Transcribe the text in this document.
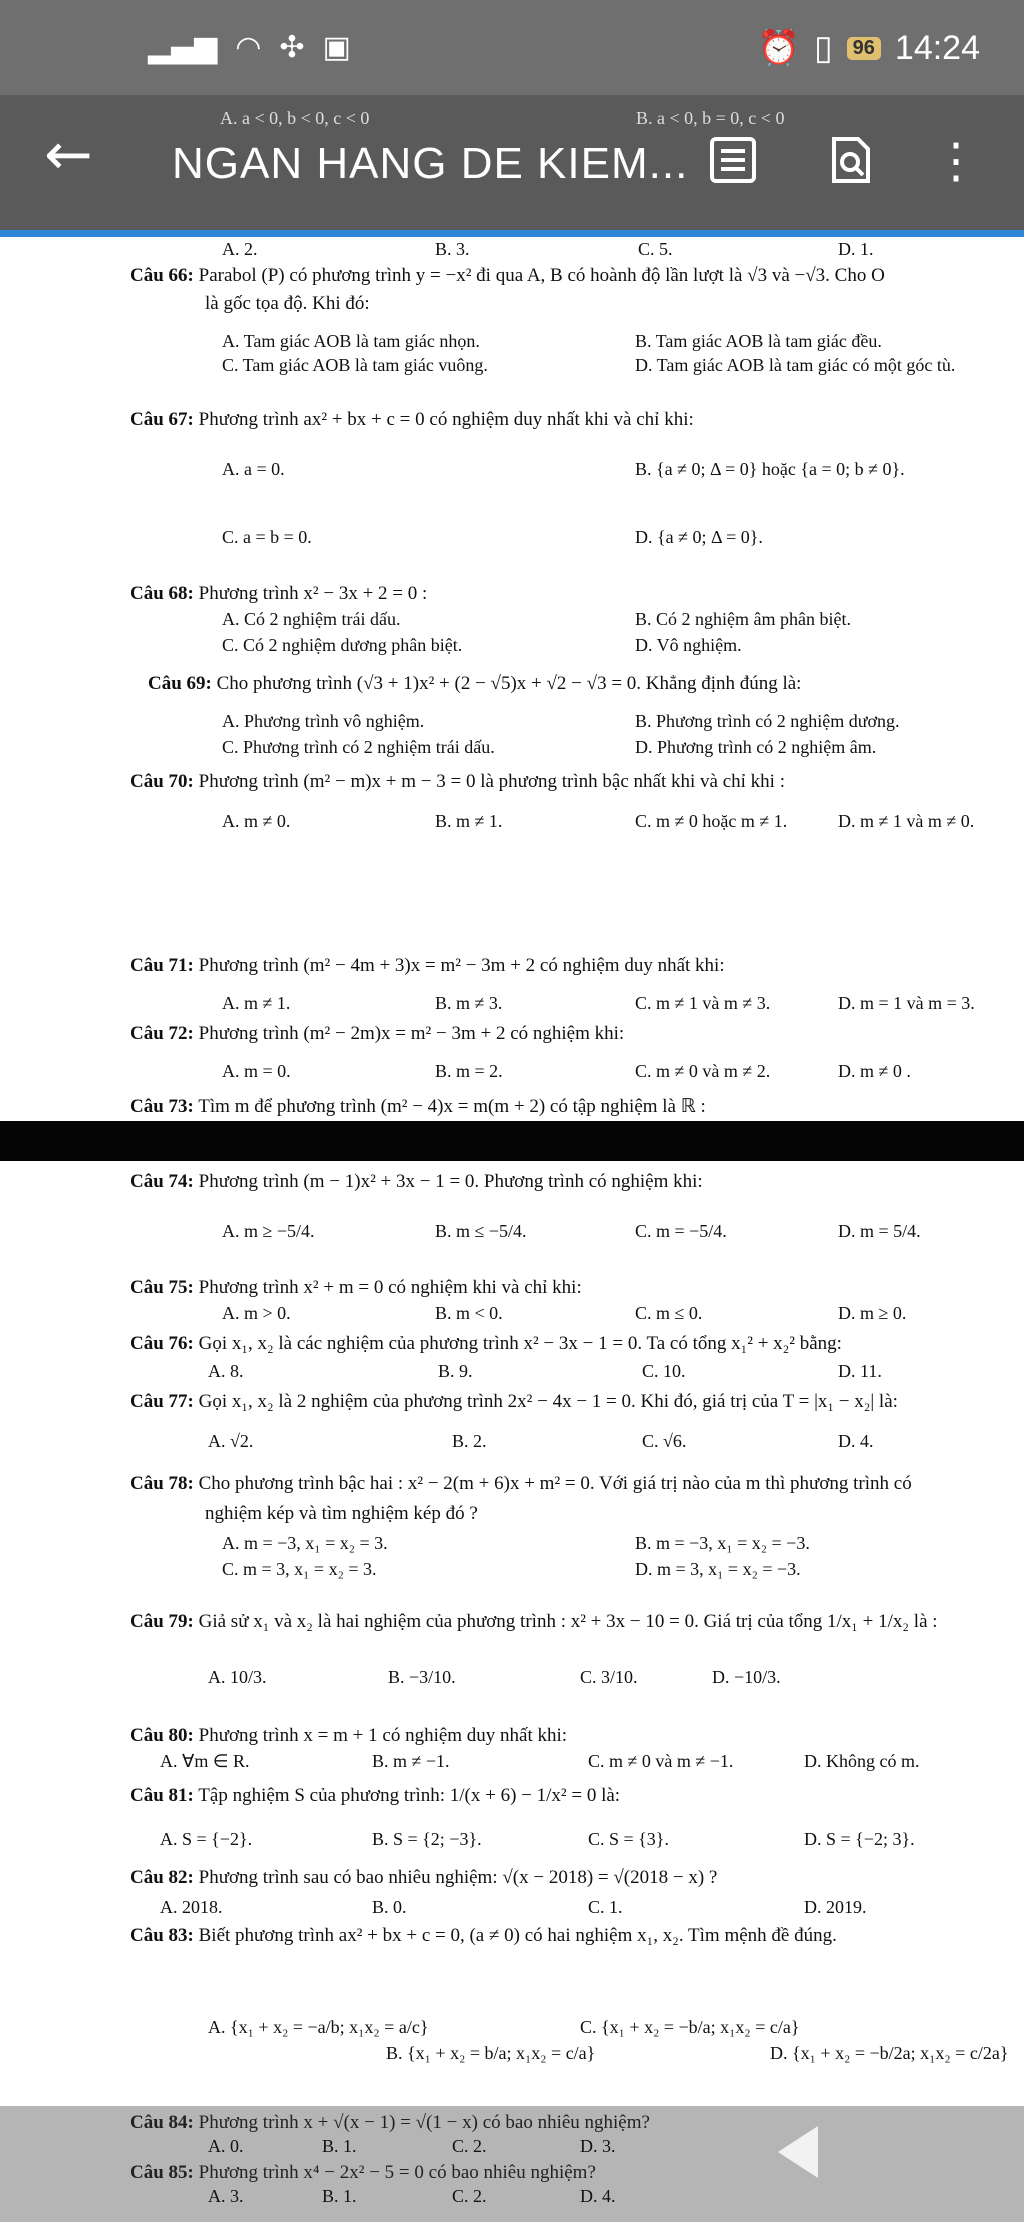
▂▄▆ ◠ ✣ ▣	⏰ ▯	96 14:24
← NGAN HANG DE KIEM...	⋮
A. 2.	B. 3.	C. 5.	D. 1.
Câu 66: Parabol (P) có phương trình y = −x² đi qua A, B có hoành độ lần lượt là √3 và −√3. Cho O
là gốc tọa độ. Khi đó:
A. Tam giác AOB là tam giác nhọn.	B. Tam giác AOB là tam giác đều.
C. Tam giác AOB là tam giác vuông.	D. Tam giác AOB là tam giác có một góc tù.
Câu 67: Phương trình ax² + bx + c = 0 có nghiệm duy nhất khi và chỉ khi:
A. a = 0.	B. {a ≠ 0; Δ = 0} hoặc {a = 0; b ≠ 0}.
C. a = b = 0.	D. {a ≠ 0; Δ = 0}.
Câu 68: Phương trình x² − 3x + 2 = 0 :
A. Có 2 nghiệm trái dấu.	B. Có 2 nghiệm âm phân biệt.
C. Có 2 nghiệm dương phân biệt.	D. Vô nghiệm.
Câu 69: Cho phương trình (√3 + 1)x² + (2 − √5)x + √2 − √3 = 0. Khẳng định đúng là:
A. Phương trình vô nghiệm.	B. Phương trình có 2 nghiệm dương.
C. Phương trình có 2 nghiệm trái dấu.	D. Phương trình có 2 nghiệm âm.
Câu 70: Phương trình (m² − m)x + m − 3 = 0 là phương trình bậc nhất khi và chỉ khi :
A. m ≠ 0.	B. m ≠ 1.	C. m ≠ 0 hoặc m ≠ 1.	D. m ≠ 1 và m ≠ 0.
Câu 71: Phương trình (m² − 4m + 3)x = m² − 3m + 2 có nghiệm duy nhất khi:
A. m ≠ 1.	B. m ≠ 3.	C. m ≠ 1 và m ≠ 3.	D. m = 1 và m = 3.
Câu 72: Phương trình (m² − 2m)x = m² − 3m + 2 có nghiệm khi:
A. m = 0.	B. m = 2.	C. m ≠ 0 và m ≠ 2.	D. m ≠ 0 .
Câu 73: Tìm m để phương trình (m² − 4)x = m(m + 2) có tập nghiệm là ℝ :
Câu 74: Phương trình (m − 1)x² + 3x − 1 = 0. Phương trình có nghiệm khi:
A. m ≥ −5/4.	B. m ≤ −5/4.	C. m = −5/4.	D. m = 5/4.
Câu 75: Phương trình x² + m = 0 có nghiệm khi và chỉ khi:
A. m > 0.	B. m < 0.	C. m ≤ 0.	D. m ≥ 0.
Câu 76: Gọi x₁, x₂ là các nghiệm của phương trình x² − 3x − 1 = 0. Ta có tổng x₁² + x₂² bằng:
A. 8.	B. 9.	C. 10.	D. 11.
Câu 77: Gọi x₁, x₂ là 2 nghiệm của phương trình 2x² − 4x − 1 = 0. Khi đó, giá trị của T = |x₁ − x₂| là:
A. √2.	B. 2.	C. √6.	D. 4.
Câu 78: Cho phương trình bậc hai : x² − 2(m + 6)x + m² = 0. Với giá trị nào của m thì phương trình có
nghiệm kép và tìm nghiệm kép đó ?
A. m = −3, x₁ = x₂ = 3.	B. m = −3, x₁ = x₂ = −3.
C. m = 3, x₁ = x₂ = 3.	D. m = 3, x₁ = x₂ = −3.
Câu 79: Giả sử x₁ và x₂ là hai nghiệm của phương trình : x² + 3x − 10 = 0. Giá trị của tổng 1/x₁ + 1/x₂ là :
A. 10/3.	B. −3/10.	C. 3/10.	D. −10/3.
Câu 80: Phương trình x = m + 1 có nghiệm duy nhất khi:
A. ∀m ∈ R.	B. m ≠ −1.	C. m ≠ 0 và m ≠ −1.	D. Không có m.
Câu 81: Tập nghiệm S của phương trình: 1/(x + 6) − 1/x² = 0 là:
A. S = {−2}.	B. S = {2; −3}.	C. S = {3}.	D. S = {−2; 3}.
Câu 82: Phương trình sau có bao nhiêu nghiệm: √(x − 2018) = √(2018 − x) ?
A. 2018.	B. 0.	C. 1.	D. 2019.
Câu 83: Biết phương trình ax² + bx + c = 0, (a ≠ 0) có hai nghiệm x₁, x₂. Tìm mệnh đề đúng.
A. {x₁ + x₂ = −a/b; x₁x₂ = a/c}
B. {x₁ + x₂ = b/a; x₁x₂ = c/a}
C. {x₁ + x₂ = −b/a; x₁x₂ = c/a}
D. {x₁ + x₂ = −b/2a; x₁x₂ = c/2a}
Câu 84: Phương trình x + √(x − 1) = √(1 − x) có bao nhiêu nghiệm?
A. 0.	B. 1.	C. 2.	D. 3.
Câu 85: Phương trình x⁴ − 2x² − 5 = 0 có bao nhiêu nghiệm?
A. 3.	B. 1.	C. 2.	D. 4.
A. a < 0, b < 0, c < 0	B. a < 0, b = 0, c < 0
